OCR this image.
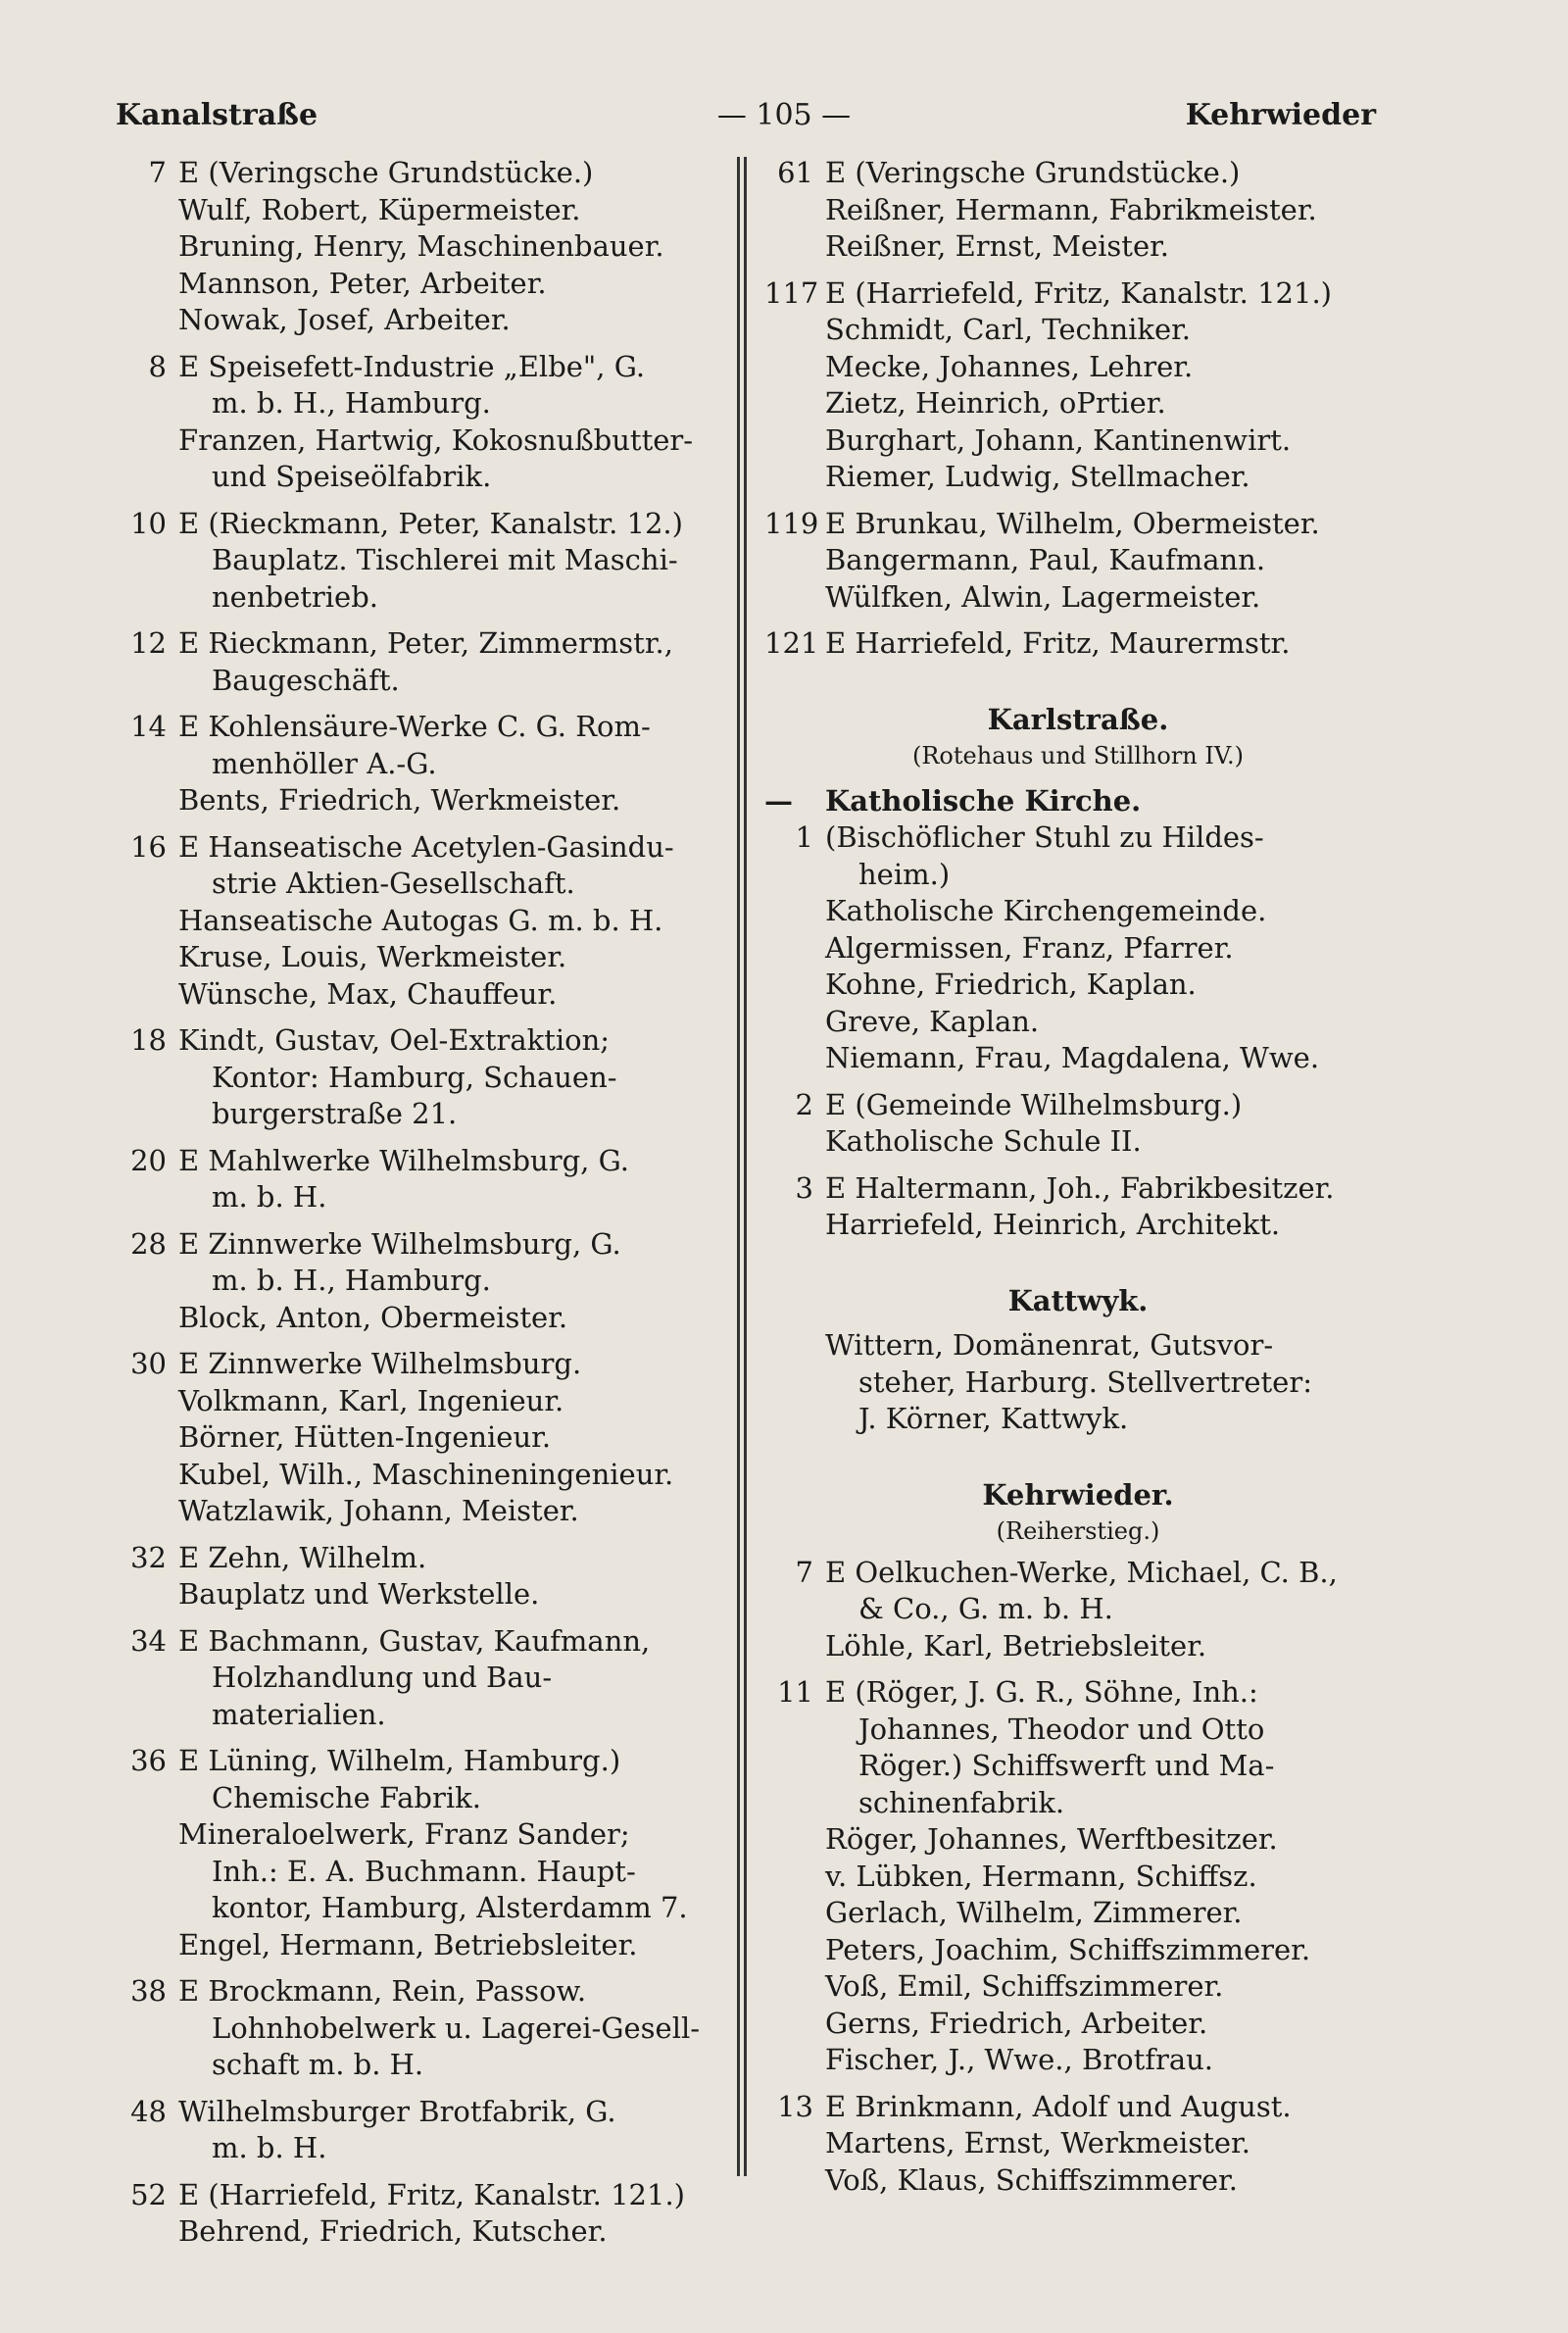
Kanalstraße	— 105 —	Kehrwieder
7 E (Veringsche Grundstücke.)
Wulf, Robert, Küpermeister.
Bruning, Henry, Maschinenbauer.
Mannson, Peter, Arbeiter.
Nowak, Josef, Arbeiter.
8 E Speisefett-Industrie „Elbe", G.
m. b. H., Hamburg.
Franzen, Hartwig, Kokosnußbutter-
und Speiseölfabrik.
10 E (Rieckmann, Peter, Kanalstr. 12.)
Bauplatz. Tischlerei mit Maschi-
nenbetrieb.
12 E Rieckmann, Peter, Zimmermstr.,
Baugeschäft.
14 E Kohlensäure-Werke C. G. Rom-
menhöller A.-G.
Bents, Friedrich, Werkmeister.
16 E Hanseatische Acetylen-Gasindu-
strie Aktien-Gesellschaft.
Hanseatische Autogas G. m. b. H.
Kruse, Louis, Werkmeister.
Wünsche, Max, Chauffeur.
18 Kindt, Gustav, Oel-Extraktion;
Kontor: Hamburg, Schauen-
burgerstraße 21.
20 E Mahlwerke Wilhelmsburg, G.
m. b. H.
28 E Zinnwerke Wilhelmsburg, G.
m. b. H., Hamburg.
Block, Anton, Obermeister.
30 E Zinnwerke Wilhelmsburg.
Volkmann, Karl, Ingenieur.
Börner, Hütten-Ingenieur.
Kubel, Wilh., Maschineningenieur.
Watzlawik, Johann, Meister.
32 E Zehn, Wilhelm.
Bauplatz und Werkstelle.
34 E Bachmann, Gustav, Kaufmann,
Holzhandlung und Bau-
materialien.
36 E Lüning, Wilhelm, Hamburg.)
Chemische Fabrik.
Mineraloelwerk, Franz Sander;
Inh.: E. A. Buchmann. Haupt-
kontor, Hamburg, Alsterdamm 7.
Engel, Hermann, Betriebsleiter.
38 E Brockmann, Rein, Passow.
Lohnhobelwerk u. Lagerei-Gesell-
schaft m. b. H.
48 Wilhelmsburger Brotfabrik, G.
m. b. H.
52 E (Harriefeld, Fritz, Kanalstr. 121.)
Behrend, Friedrich, Kutscher.
61 E (Veringsche Grundstücke.)
Reißner, Hermann, Fabrikmeister.
Reißner, Ernst, Meister.
117 E (Harriefeld, Fritz, Kanalstr. 121.)
Schmidt, Carl, Techniker.
Mecke, Johannes, Lehrer.
Zietz, Heinrich, oPrtier.
Burghart, Johann, Kantinenwirt.
Riemer, Ludwig, Stellmacher.
119 E Brunkau, Wilhelm, Obermeister.
Bangermann, Paul, Kaufmann.
Wülfken, Alwin, Lagermeister.
121 E Harriefeld, Fritz, Maurermstr.
Karlstraße.
(Rotehaus und Stillhorn IV.)
— Katholische Kirche.
1 (Bischöflicher Stuhl zu Hildes-
heim.)
Katholische Kirchengemeinde.
Algermissen, Franz, Pfarrer.
Kohne, Friedrich, Kaplan.
Greve, Kaplan.
Niemann, Frau, Magdalena, Wwe.
2 E (Gemeinde Wilhelmsburg.)
Katholische Schule II.
3 E Haltermann, Joh., Fabrikbesitzer.
Harriefeld, Heinrich, Architekt.
Kattwyk.
Wittern, Domänenrat, Gutsvor-
steher, Harburg. Stellvertreter:
J. Körner, Kattwyk.
Kehrwieder.
(Reiherstieg.)
7 E Oelkuchen-Werke, Michael, C. B.,
& Co., G. m. b. H.
Löhle, Karl, Betriebsleiter.
11 E (Röger, J. G. R., Söhne, Inh.:
Johannes, Theodor und Otto
Röger.) Schiffswerft und Ma-
schinenfabrik.
Röger, Johannes, Werftbesitzer.
v. Lübken, Hermann, Schiffsz.
Gerlach, Wilhelm, Zimmerer.
Peters, Joachim, Schiffszimmerer.
Voß, Emil, Schiffszimmerer.
Gerns, Friedrich, Arbeiter.
Fischer, J., Wwe., Brotfrau.
13 E Brinkmann, Adolf und August.
Martens, Ernst, Werkmeister.
Voß, Klaus, Schiffszimmerer.
